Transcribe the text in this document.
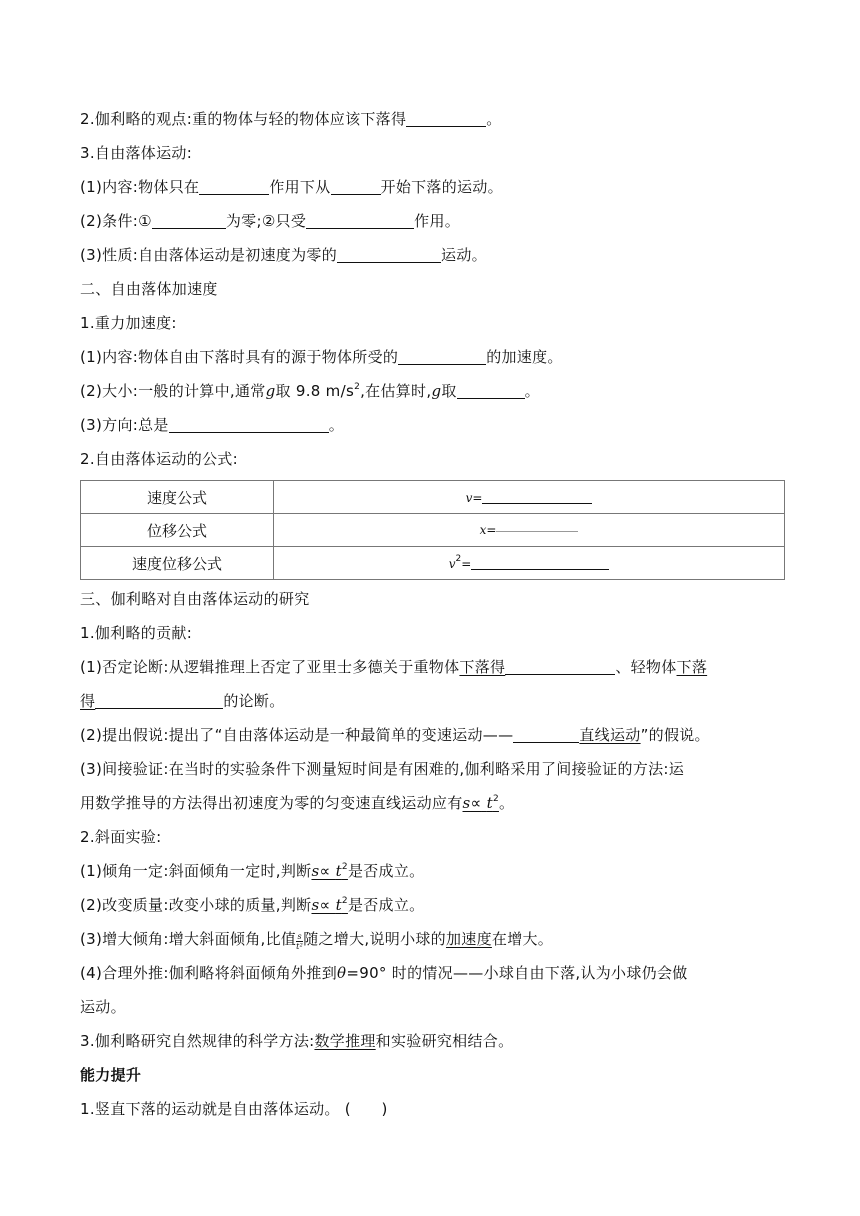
2.伽利略的观点:重的物体与轻的物体应该下落得	。
3.自由落体运动:
(1)内容:物体只在	作用下从	开始下落的运动。
(2)条件:①	为零;②只受	作用。
(3)性质:自由落体运动是初速度为零的	运动。
二、自由落体加速度
1.重力加速度:
(1)内容:物体自由下落时具有的源于物体所受的	的加速度。
(2)大小:一般的计算中,通常g取 9.8 $m/s^2$,在估算时,g取	。
(3)方向:总是	。
2.自由落体运动的公式:
速度公式	v=
位移公式	x=
速度位移公式	$v^2=$
三、伽利略对自由落体运动的研究
1.伽利略的贡献:
(1)否定论断:从逻辑推理上否定了亚里士多德关于重物体下落得	、轻物体下落
得	的论断。
(2)提出假说:提出了“自由落体运动是一种最简单的变速运动——	直线运动”的假说。
(3)间接验证:在当时的实验条件下测量短时间是有困难的,伽利略采用了间接验证的方法:运
用数学推导的方法得出初速度为零的匀变速直线运动应有$s\propto t^2$。
2.斜面实验:
(1)倾角一定:斜面倾角一定时,判断$s\propto t^2$是否成立。
(2)改变质量:改变小球的质量,判断$s\propto t^2$是否成立。
(3)增大倾角:增大斜面倾角,比值 $\frac{s}{\text{t²}}$ 随之增大,说明小球的加速度在增大。
(4)合理外推:伽利略将斜面倾角外推到θ=90° 时的情况——小球自由下落,认为小球仍会做
运动。
3.伽利略研究自然规律的科学方法:数学推理和实验研究相结合。
能力提升
1.竖直下落的运动就是自由落体运动。 (　　)
